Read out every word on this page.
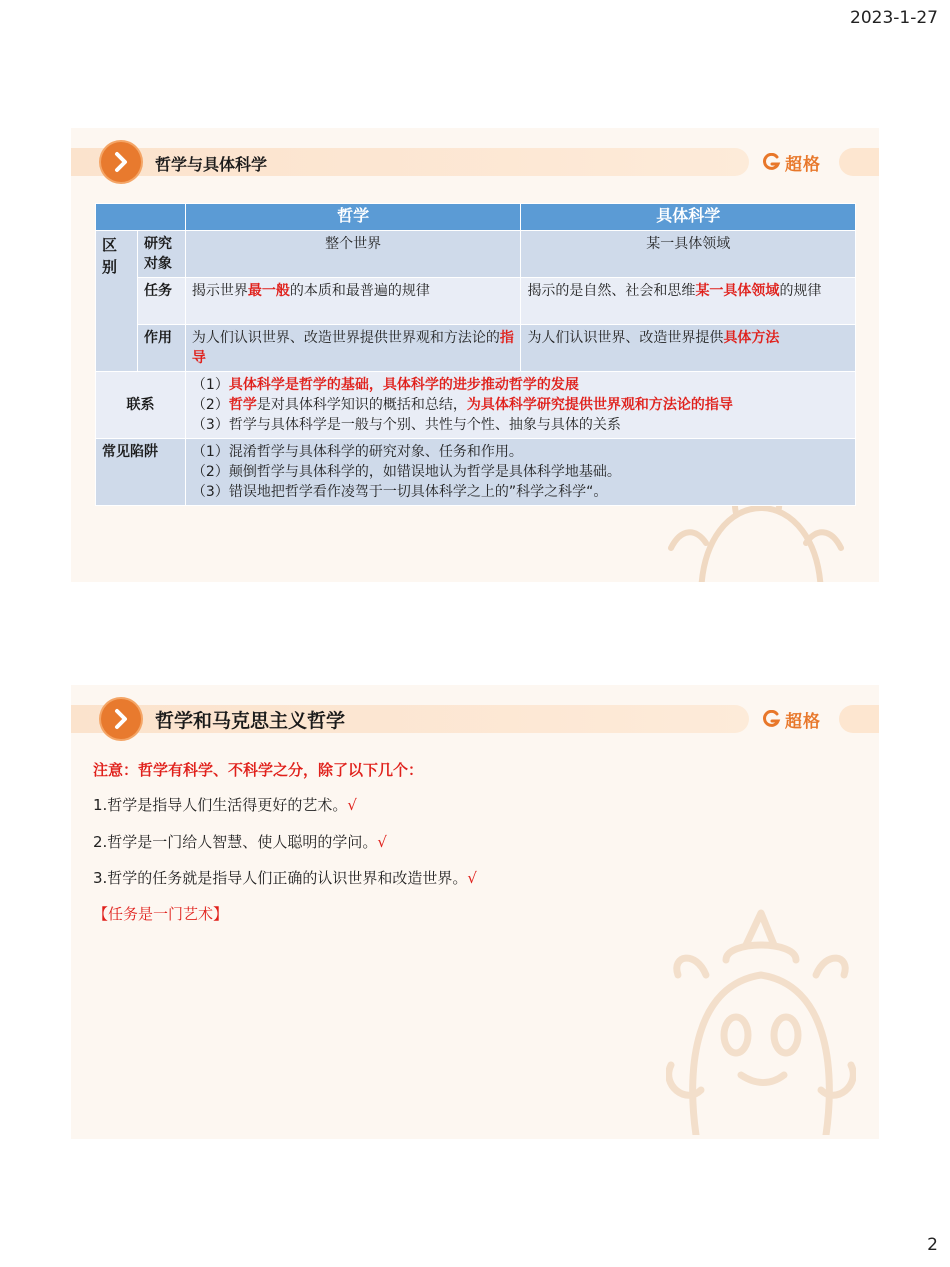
2023-1-27
哲学与具体科学	超格
		哲学	具体科学

区别	研究对象	整个世界	某一具体领域
	任务	揭示世界最一般的本质和最普遍的规律	揭示的是自然、社会和思维某一具体领域的规律
	作用	为人们认识世界、改造世界提供世界观和方法论的指导	为人们认识世界、改造世界提供具体方法
联系		（1）具体科学是哲学的基础，具体科学的进步推动哲学的发展
（2）哲学是对具体科学知识的概括和总结，为具体科学研究提供世界观和方法论的指导
（3）哲学与具体科学是一般与个别、共性与个性、抽象与具体的关系	

常见陷阱		（1）混淆哲学与具体科学的研究对象、任务和作用。
（2）颠倒哲学与具体科学的，如错误地认为哲学是具体科学地基础。
（3）错误地把哲学看作凌驾于一切具体科学之上的”科学之科学“。	
哲学和马克思主义哲学	超格
注意：哲学有科学、不科学之分，除了以下几个：
1.哲学是指导人们生活得更好的艺术。√
2.哲学是一门给人智慧、使人聪明的学问。√
3.哲学的任务就是指导人们正确的认识世界和改造世界。√
【任务是一门艺术】
2
